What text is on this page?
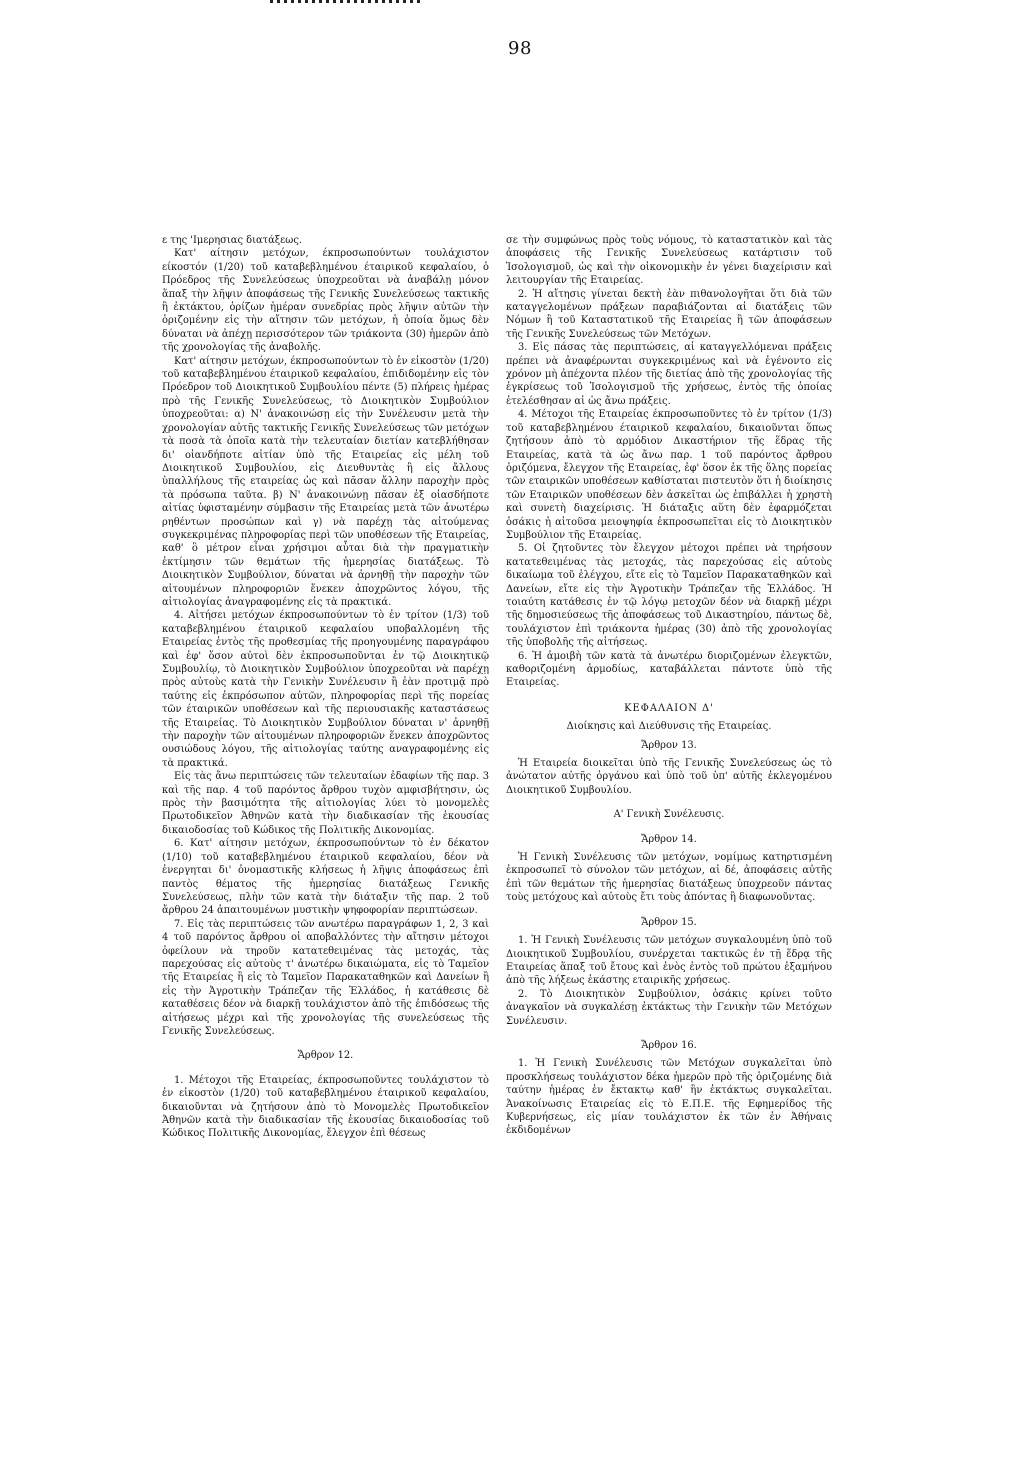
98

ε της 'Ιμερησιας διατάξεως.

Κατ' αίτησιν μετόχων, έκπροσωπούντων τουλάχιστον είκοστόν (1/20) τοῦ καταβεβλημένου έταιρικοῦ κεφαλαίου, ὁ Πρόεδρος τῆς Συνελεύσεως ὑποχρεοῦται νὰ ἀναβάλῃ μόνον ἅπαξ τὴν λῆψιν ἀποφάσεως τῆς Γενικῆς Συνελεύσεως τακτικῆς ἢ ἐκτάκτου, ὁρίζων ἡμέραν συνεδρίας πρὸς λῆψιν αὐτῶν τὴν ὁριζομένην εἰς τὴν αἴτησιν τῶν μετόχων, ἡ ὁποία ὅμως δὲν δύναται νὰ ἀπέχῃ περισσότερον τῶν τριάκοντα (30) ἡμερῶν ἀπὸ τῆς χρονολογίας τῆς ἀναβολῆς.

Κατ' αίτησιν μετόχων, έκπροσωπούντων τὸ ἐν εἰκοστὸν (1/20) τοῦ καταβεβλημένου έταιρικοῦ κεφαλαίου, ἐπιδιδομένην εἰς τὸν Πρόεδρον τοῦ Διοικητικοῦ Συμβουλίου πέντε (5) πλήρεις ἡμέρας πρὸ τῆς Γενικῆς Συνελεύσεως, τὸ Διοικητικὸν Συμβούλιον ὑποχρεοῦται: α) Ν' ἀνακοινώσῃ εἰς τὴν Συνέλευσιν μετὰ τὴν χρονολογίαν αὐτῆς τακτικῆς Γενικῆς Συνελεύσεως τῶν μετόχων τὰ ποσὰ τὰ ὁποῖα κατὰ τὴν τελευταίαν διετίαν κατεβλήθησαν δι' οἱανδήποτε αἰτίαν ὑπὸ τῆς Εταιρείας εἰς μέλη τοῦ Διοικητικοῦ Συμβουλίου, εἰς Διευθυντὰς ἢ εἰς ἄλλους ὑπαλλήλους τῆς εταιρείας ὡς καὶ πᾶσαν ἄλλην παροχὴν πρὸς τὰ πρόσωπα ταῦτα. β) Ν' ἀνακοινώνῃ πᾶσαν ἐξ οἱασδήποτε αἰτίας ὑφισταμένην σύμβασιν τῆς Εταιρείας μετὰ τῶν ἀνωτέρω ρηθέντων προσώπων καὶ γ) νὰ παρέχῃ τὰς αἰτούμενας συγκεκριμένας πληροφορίας περὶ τῶν υποθέσεων τῆς Εταιρείας, καθ' ὃ μέτρον εἶναι χρήσιμοι αὗται διὰ τὴν πραγματικὴν ἐκτίμησιν τῶν θεμάτων τῆς ἡμερησίας διατάξεως. Τὸ Διοικητικὸν Συμβούλιον, δύναται νὰ ἀρνηθῇ τὴν παροχὴν τῶν αἰτουμένων πληροφοριῶν ἕνεκεν ἀποχρῶντος λόγου, τῆς αἰτιολογίας ἀναγραφομένης εἰς τὰ πρακτικά.

4. Αἰτήσει μετόχων έκπροσωπούντων τὸ ἐν τρίτον (1/3) τοῦ καταβεβλημένου έταιρικοῦ κεφαλαίου υποβαλλομένη τῆς Εταιρείας ἐντὸς τῆς προθεσμίας τῆς προηγουμένης παραγράφου καὶ ἐφ' ὅσον αὐτοὶ δὲν ἐκπροσωποῦνται ἐν τῷ Διοικητικῷ Συμβουλίῳ, τὸ Διοικητικὸν Συμβούλιον ὑποχρεοῦται νὰ παρέχῃ πρὸς αὐτοὺς κατὰ τὴν Γενικὴν Συνέλευσιν ἢ ἐὰν προτιμᾷ πρὸ ταύτης εἰς ἐκπρόσωπον αὐτῶν, πληροφορίας περὶ τῆς πορείας τῶν έταιρικῶν υποθέσεων καὶ τῆς περιουσιακῆς καταστάσεως τῆς Εταιρείας. Τὸ Διοικητικὸν Συμβούλιον δύναται ν' ἀρνηθῇ τὴν παροχὴν τῶν αἰτουμένων πληροφοριῶν ἕνεκεν ἀποχρῶντος ουσιώδους λόγου, τῆς αἰτιολογίας ταύτης αναγραφομένης εἰς τὰ πρακτικά.

Εἰς τὰς ἄνω περιπτώσεις τῶν τελευταίων ἐδαφίων τῆς παρ. 3 καὶ τῆς παρ. 4 τοῦ παρόντος ἄρθρου τυχὸν αμφισβήτησιν, ὡς πρὸς τὴν βασιμότητα τῆς αἰτιολογίας λύει τὸ μονομελὲς Πρωτοδικεῖον Ἀθηνῶν κατὰ τὴν διαδικασίαν τῆς ἑκουσίας δικαιοδοσίας τοῦ Κώδικος τῆς Πολιτικῆς Δικονομίας.

6. Κατ' αίτησιν μετόχων, έκπροσωπούντων τὸ ἐν δέκατον (1/10) τοῦ καταβεβλημένου έταιρικοῦ κεφαλαίου, δέον νὰ ἐνεργηται δι' ὀνομαστικῆς κλήσεως ἡ λῆψις ἀποφάσεως ἐπὶ παντὸς θέματος τῆς ἡμερησίας διατάξεως Γενικῆς Συνελεύσεως, πλὴν τῶν κατὰ τὴν διάταξιν τῆς παρ. 2 τοῦ ἄρθρου 24 ἀπαιτουμένων μυστικὴν ψηφοφορίαν περιπτώσεων.

7. Εἰς τὰς περιπτώσεις τῶν ανωτέρω παραγράφων 1, 2, 3 καὶ 4 τοῦ παρόντος ἄρθρου οἱ αποβαλλόντες τὴν αἴτησιν μέτοχοι ὀφείλουν νὰ τηροῦν κατατεθειμένας τὰς μετοχάς, τὰς παρεχούσας εἰς αὐτοὺς τ' ἀνωτέρω δικαιώματα, εἰς τὸ Ταμεῖον τῆς Εταιρείας ἢ εἰς τὸ Ταμεῖον Παρακαταθηκῶν καὶ Δανείων ἢ εἰς τὴν Ἀγροτικὴν Τράπεζαν τῆς Ἑλλάδος, ἡ κατάθεσις δὲ καταθέσεις δέον νὰ διαρκῇ τουλάχιστον ἀπὸ τῆς ἐπιδόσεως τῆς αἰτήσεως μέχρι καὶ τῆς χρονολογίας τῆς συνελεύσεως τῆς Γενικῆς Συνελεύσεως.

Ἄρθρον 12.

1. Μέτοχοι τῆς Εταιρείας, έκπροσωποῦντες τουλάχιστον τὸ ἐν εἰκοστὸν (1/20) τοῦ καταβεβλημένου έταιρικοῦ κεφαλαίου, δικαιοῦνται νὰ ζητήσουν ἀπὸ τὸ Μονομελὲς Πρωτοδικεῖον Ἀθηνῶν κατὰ τὴν διαδικασίαν τῆς ἑκουσίας δικαιοδοσίας τοῦ Κώδικος Πολιτικῆς Δικονομίας, ἔλεγχον ἐπὶ θέσεως

σε τὴν συμφώνως πρὸς τοὺς νόμους, τὸ καταστατικὸν καὶ τὰς ἀποφάσεις τῆς Γενικῆς Συνελεύσεως κατάρτισιν τοῦ Ἰσολογισμοῦ, ὡς καὶ τὴν οἰκονομικὴν ἐν γένει διαχείρισιν καὶ λειτουργίαν τῆς Εταιρείας.

2. Ἡ αἴτησις γίνεται δεκτὴ ἐὰν πιθανολογῆται ὅτι διὰ τῶν καταγγελομένων πράξεων παραβιάζονται αἱ διατάξεις τῶν Νόμων ἢ τοῦ Καταστατικοῦ τῆς Εταιρείας ἢ τῶν ἀποφάσεων τῆς Γενικῆς Συνελεύσεως τῶν Μετόχων.

3. Εἰς πάσας τὰς περιπτώσεις, αἱ καταγγελλόμεναι πράξεις πρέπει νὰ ἀναφέρωνται συγκεκριμένως καὶ νὰ ἐγένοντο εἰς χρόνον μὴ ἀπέχοντα πλέον τῆς διετίας ἀπὸ τῆς χρονολογίας τῆς ἐγκρίσεως τοῦ Ἰσολογισμοῦ τῆς χρήσεως, ἐντὸς τῆς ὁποίας ἐτελέσθησαν αἱ ὡς ἄνω πράξεις.

4. Μέτοχοι τῆς Εταιρείας έκπροσωποῦντες τὸ ἐν τρίτον (1/3) τοῦ καταβεβλημένου έταιρικοῦ κεφαλαίου, δικαιοῦνται ὅπως ζητήσουν ἀπὸ τὸ αρμόδιον Δικαστήριον τῆς ἕδρας τῆς Εταιρείας, κατὰ τὰ ὡς ἄνω παρ. 1 τοῦ παρόντος ἄρθρου ὁριζόμενα, ἔλεγχον τῆς Εταιρείας, ἐφ' ὅσον ἐκ τῆς ὅλης πορείας τῶν εταιρικῶν υποθέσεων καθίσταται πιστευτὸν ὅτι ἡ διοίκησις τῶν Εταιρικῶν υποθέσεων δὲν ἀσκεῖται ὡς ἐπιβάλλει ἡ χρηστὴ καὶ συνετὴ διαχείρισις. Ἡ διάταξις αὕτη δὲν ἐφαρμόζεται ὁσάκις ἡ αἰτοῦσα μειοψηφία ἐκπροσωπεῖται εἰς τὸ Διοικητικὸν Συμβούλιον τῆς Εταιρείας.

5. Οἱ ζητοῦντες τὸν ἔλεγχον μέτοχοι πρέπει νὰ τηρήσουν κατατεθειμένας τὰς μετοχάς, τὰς παρεχούσας εἰς αὐτοὺς δικαίωμα τοῦ ἐλέγχου, εἴτε εἰς τὸ Ταμεῖον Παρακαταθηκῶν καὶ Δανείων, εἴτε εἰς τὴν Ἀγροτικὴν Τράπεζαν τῆς Ἑλλάδος. Ἡ τοιαύτη κατάθεσις ἐν τῷ λόγῳ μετοχῶν δέον νὰ διαρκῇ μέχρι τῆς δημοσιεύσεως τῆς ἀποφάσεως τοῦ Δικαστηρίου, πάντως δὲ, τουλάχιστον ἐπὶ τριάκοντα ἡμέρας (30) ἀπὸ τῆς χρονολογίας τῆς ὑποβολῆς τῆς αἰτήσεως.

6. Ἡ ἀμοιβὴ τῶν κατὰ τὰ ἀνωτέρω διοριζομένων ἐλεγκτῶν, καθοριζομένη ἁρμοδίως, καταβάλλεται πάντοτε ὑπὸ τῆς Εταιρείας.

ΚΕΦΑΛΑΙΟΝ Δ'

Διοίκησις καὶ Διεύθυνσις τῆς Εταιρείας.

Ἄρθρον 13.

Ἡ Εταιρεία διοικεῖται ὑπὸ τῆς Γενικῆς Συνελεύσεως ὡς τὸ ἀνώτατον αὐτῆς ὀργάνου καὶ ὑπὸ τοῦ ὑπ' αὐτῆς ἐκλεγομένου Διοικητικοῦ Συμβουλίου.

Α' Γενικὴ Συνέλευσις.

Ἄρθρον 14.

Ἡ Γενικὴ Συνέλευσις τῶν μετόχων, νομίμως κατηρτισμένη ἐκπροσωπεῖ τὸ σύνολον τῶν μετόχων, αἱ δέ, ἀποφάσεις αὐτῆς ἐπὶ τῶν θεμάτων τῆς ἡμερησίας διατάξεως ὑποχρεοῦν πάντας τοὺς μετόχους καὶ αὐτοὺς ἔτι τοὺς ἀπόντας ἢ διαφωνοῦντας.

Ἄρθρον 15.

1. Ἡ Γενικὴ Συνέλευσις τῶν μετόχων συγκαλουμένη ὑπὸ τοῦ Διοικητικοῦ Συμβουλίου, συνέρχεται τακτικῶς ἐν τῇ ἕδρᾳ τῆς Εταιρείας ἅπαξ τοῦ ἔτους καὶ ἐνὸς ἐντὸς τοῦ πρώτου ἑξαμήνου ἀπὸ τῆς λήξεως ἑκάστης εταιρικῆς χρήσεως.

2. Τὸ Διοικητικὸν Συμβούλιον, ὁσάκις κρίνει τοῦτο ἀναγκαῖον νὰ συγκαλέσῃ ἐκτάκτως τὴν Γενικὴν τῶν Μετόχων Συνέλευσιν.

Ἄρθρον 16.

1. Ἡ Γενικὴ Συνέλευσις τῶν Μετόχων συγκαλεῖται ὑπὸ προσκλήσεως τουλάχιστον δέκα ἡμερῶν πρὸ τῆς ὁριζομένης διὰ ταύτην ἡμέρας ἐν ἔκτακτῳ καθ' ἣν ἐκτάκτως συγκαλεῖται. Ἀνακοίνωσις Εταιρείας εἰς τὸ Ε.Π.Ε. τῆς Εφημερίδος τῆς Κυβερνήσεως, εἰς μίαν τουλάχιστον ἐκ τῶν ἐν Ἀθήναις ἐκδιδομένων
